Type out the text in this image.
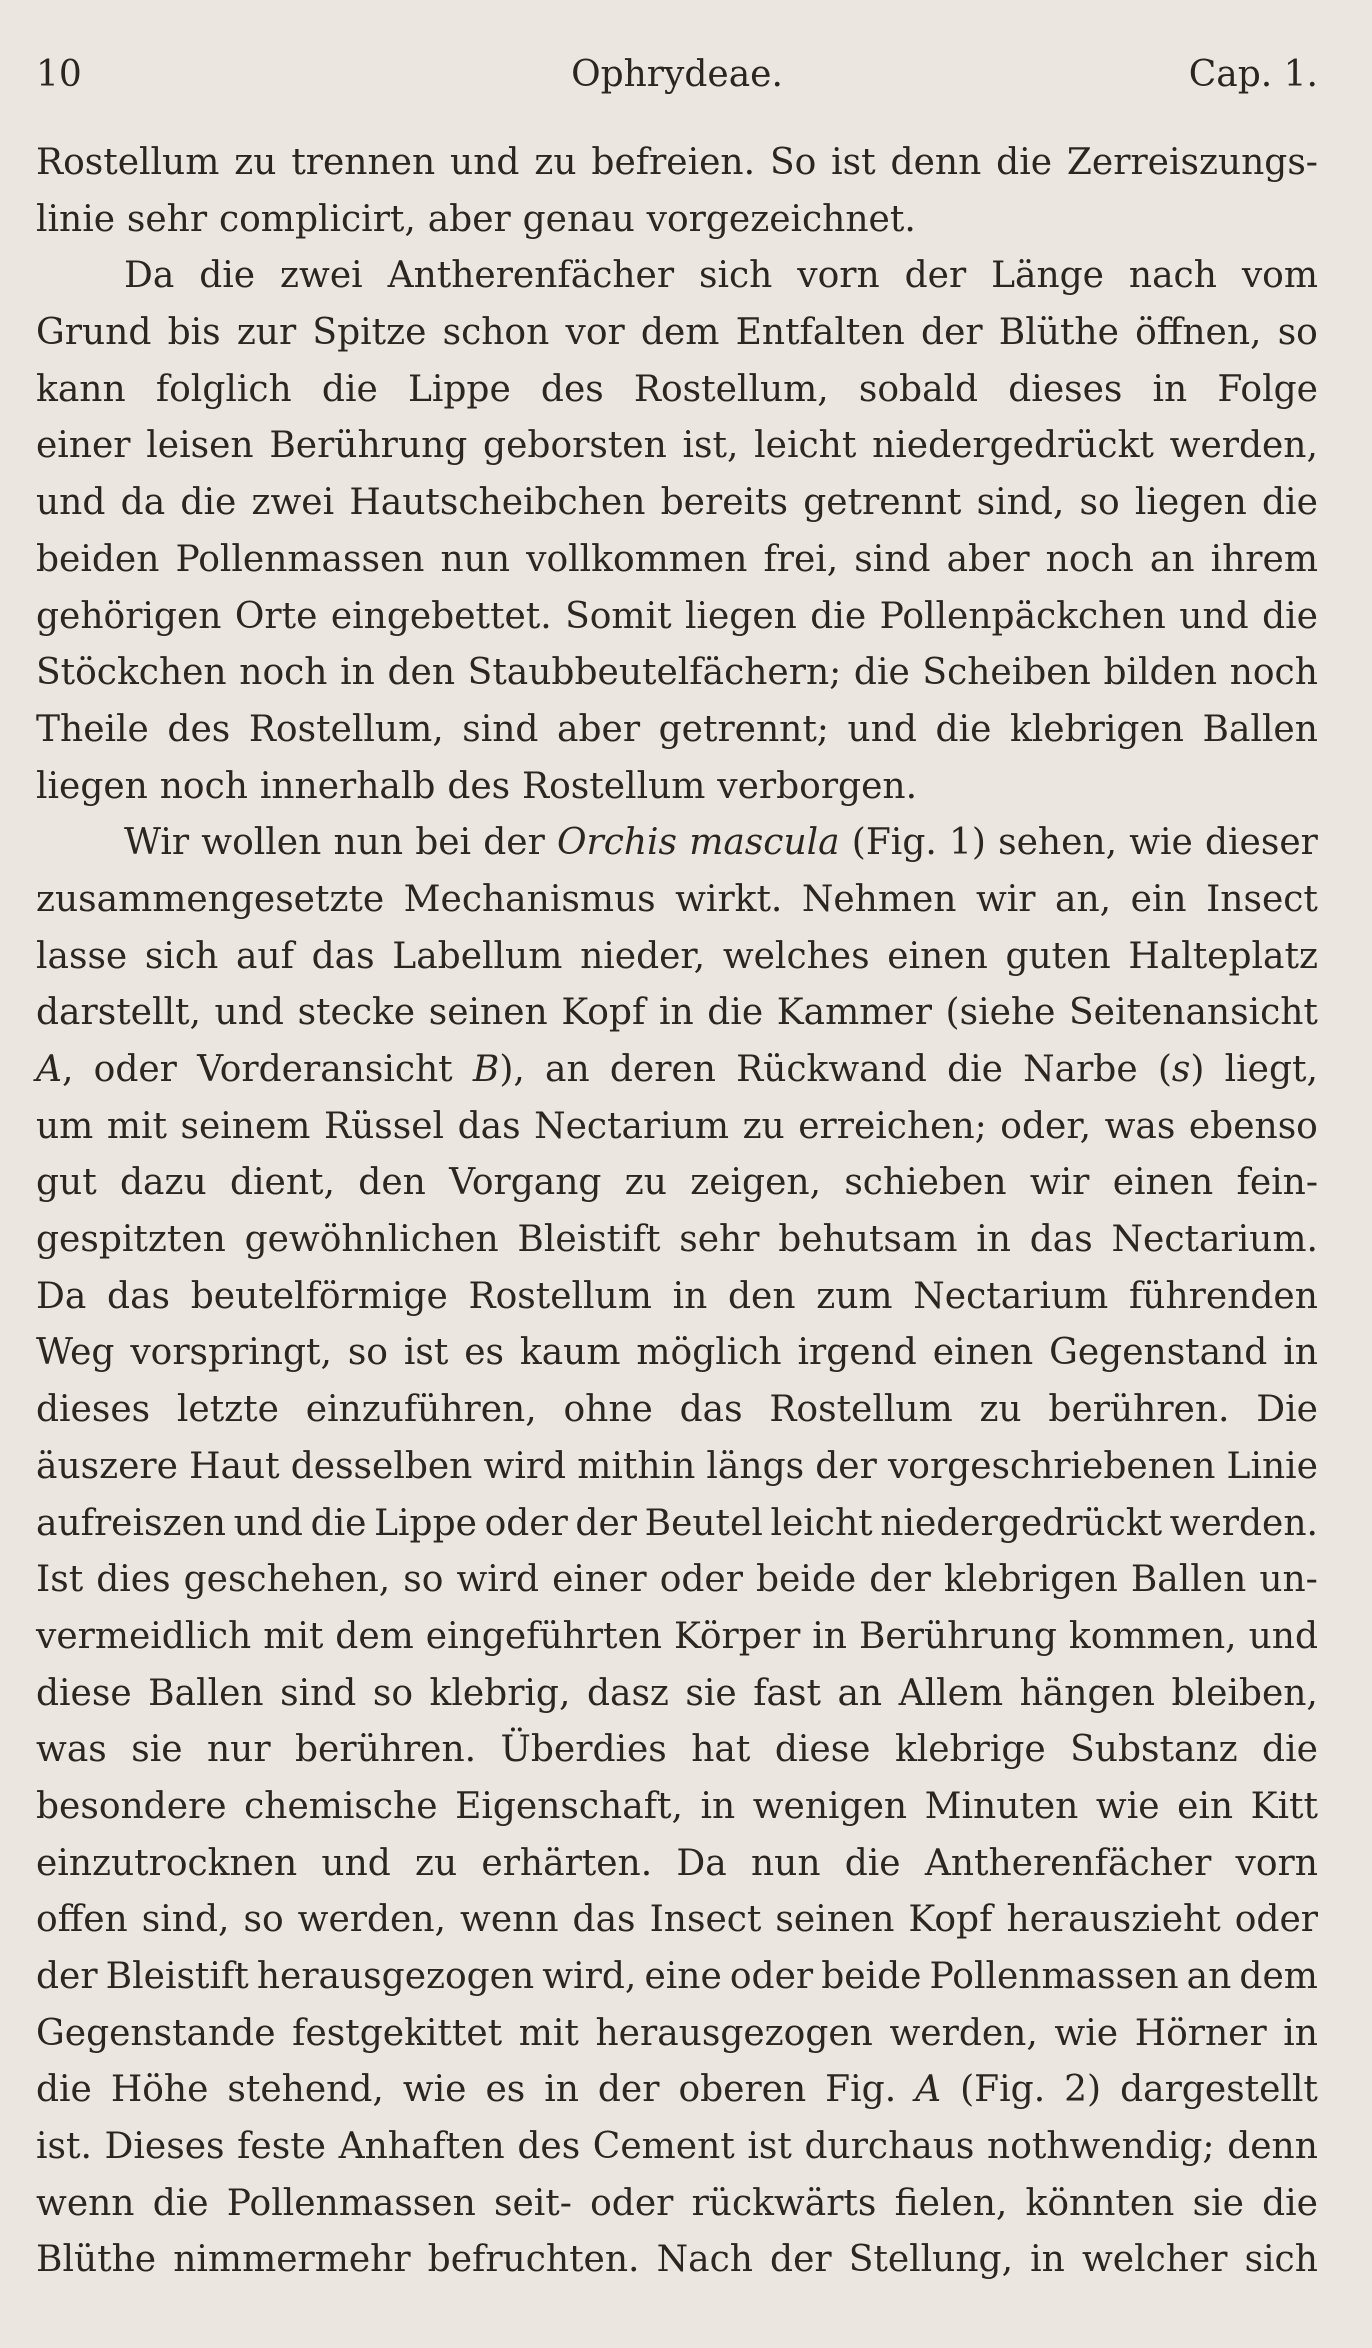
10	Ophrydeae.	Cap. 1.
Rostellum zu trennen und zu befreien. So ist denn die Zerreiszungs-
linie sehr complicirt, aber genau vorgezeichnet.
Da die zwei Antherenfächer sich vorn der Länge nach vom
Grund bis zur Spitze schon vor dem Entfalten der Blüthe öffnen, so
kann folglich die Lippe des Rostellum, sobald dieses in Folge
einer leisen Berührung geborsten ist, leicht niedergedrückt werden,
und da die zwei Hautscheibchen bereits getrennt sind, so liegen die
beiden Pollenmassen nun vollkommen frei, sind aber noch an ihrem
gehörigen Orte eingebettet. Somit liegen die Pollenpäckchen und die
Stöckchen noch in den Staubbeutelfächern; die Scheiben bilden noch
Theile des Rostellum, sind aber getrennt; und die klebrigen Ballen
liegen noch innerhalb des Rostellum verborgen.
Wir wollen nun bei der Orchis mascula (Fig. 1) sehen, wie dieser
zusammengesetzte Mechanismus wirkt. Nehmen wir an, ein Insect
lasse sich auf das Labellum nieder, welches einen guten Halteplatz
darstellt, und stecke seinen Kopf in die Kammer (siehe Seitenansicht
A, oder Vorderansicht B), an deren Rückwand die Narbe (s) liegt,
um mit seinem Rüssel das Nectarium zu erreichen; oder, was ebenso
gut dazu dient, den Vorgang zu zeigen, schieben wir einen fein-
gespitzten gewöhnlichen Bleistift sehr behutsam in das Nectarium.
Da das beutelförmige Rostellum in den zum Nectarium führenden
Weg vorspringt, so ist es kaum möglich irgend einen Gegenstand in
dieses letzte einzuführen, ohne das Rostellum zu berühren. Die
äuszere Haut desselben wird mithin längs der vorgeschriebenen Linie
aufreiszen und die Lippe oder der Beutel leicht niedergedrückt werden.
Ist dies geschehen, so wird einer oder beide der klebrigen Ballen un-
vermeidlich mit dem eingeführten Körper in Berührung kommen, und
diese Ballen sind so klebrig, dasz sie fast an Allem hängen bleiben,
was sie nur berühren. Überdies hat diese klebrige Substanz die
besondere chemische Eigenschaft, in wenigen Minuten wie ein Kitt
einzutrocknen und zu erhärten. Da nun die Antherenfächer vorn
offen sind, so werden, wenn das Insect seinen Kopf herauszieht oder
der Bleistift herausgezogen wird, eine oder beide Pollenmassen an dem
Gegenstande festgekittet mit herausgezogen werden, wie Hörner in
die Höhe stehend, wie es in der oberen Fig. A (Fig. 2) dargestellt
ist. Dieses feste Anhaften des Cement ist durchaus nothwendig; denn
wenn die Pollenmassen seit- oder rückwärts fielen, könnten sie die
Blüthe nimmermehr befruchten. Nach der Stellung, in welcher sich
